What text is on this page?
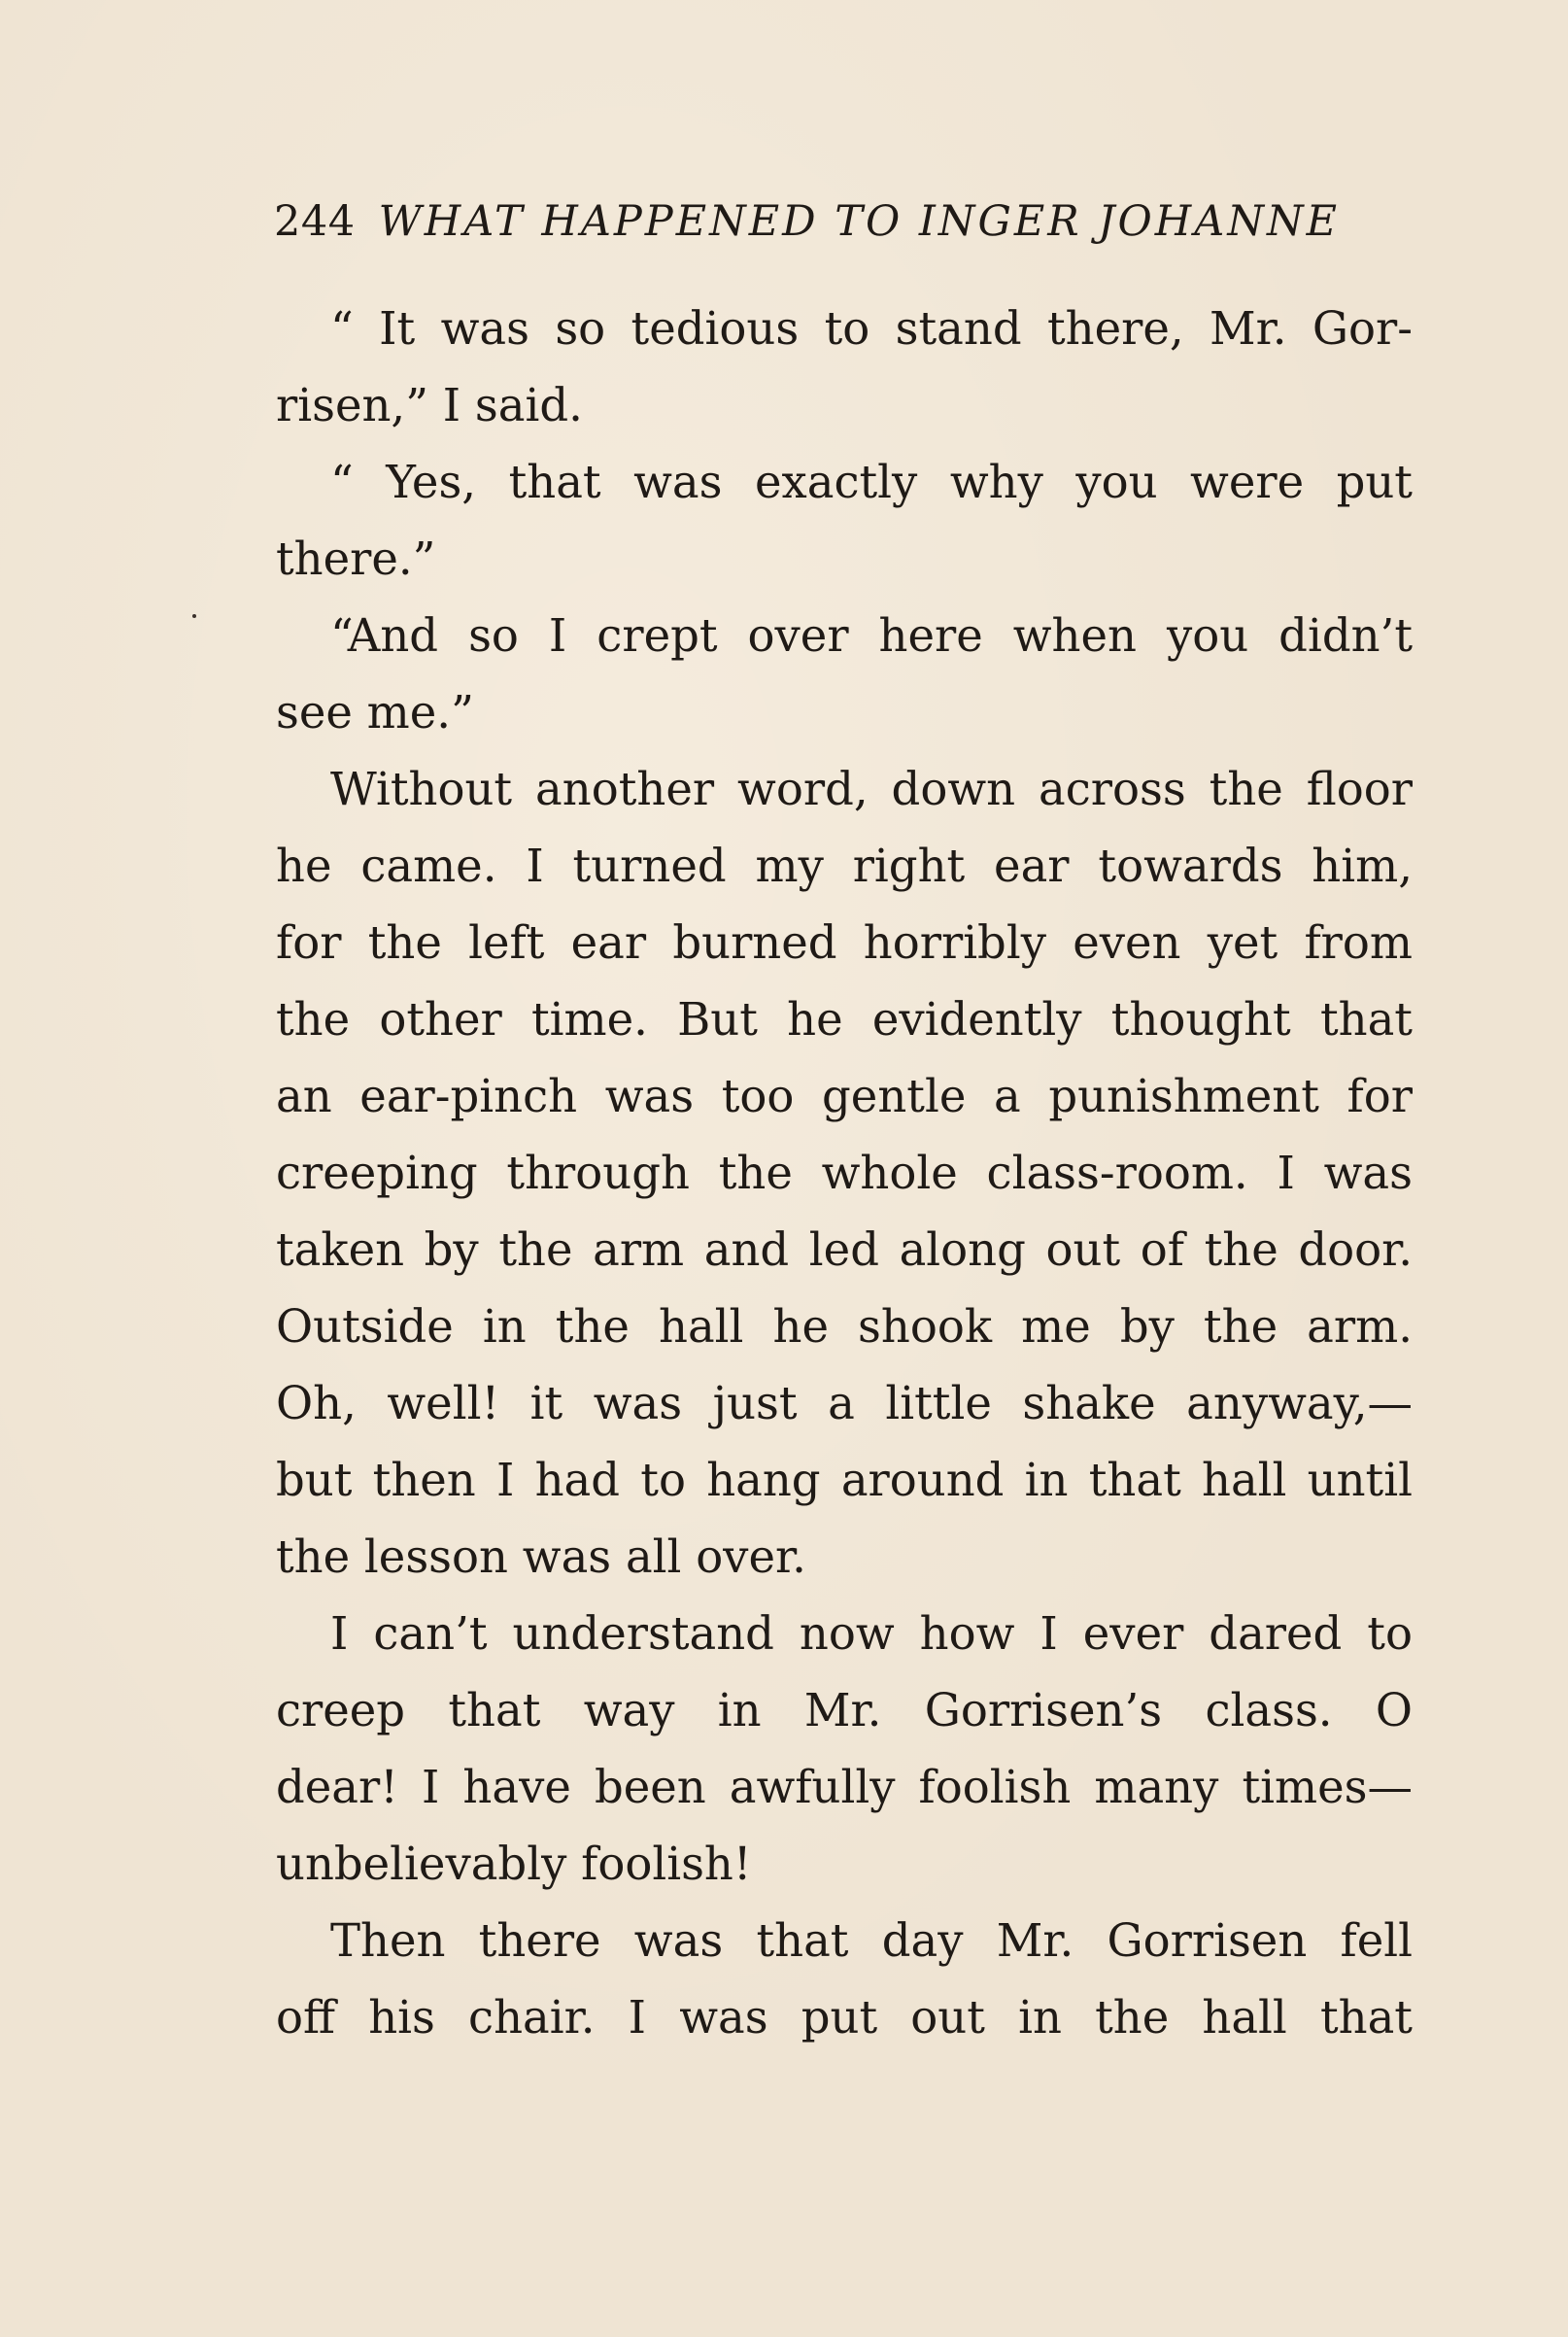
244 WHAT HAPPENED TO INGER JOHANNE
“ It was so tedious to stand there, Mr. Gor-
risen,” I said.
“ Yes, that was exactly why you were put
there.”
“And so I crept over here when you didn’t
see me.”
Without another word, down across the floor
he came. I turned my right ear towards him,
for the left ear burned horribly even yet from
the other time. But he evidently thought that
an ear-pinch was too gentle a punishment for
creeping through the whole class-room. I was
taken by the arm and led along out of the door.
Outside in the hall he shook me by the arm.
Oh, well! it was just a little shake anyway,—
but then I had to hang around in that hall until
the lesson was all over.
I can’t understand now how I ever dared to
creep that way in Mr. Gorrisen’s class. O
dear! I have been awfully foolish many times—
unbelievably foolish!
Then there was that day Mr. Gorrisen fell
off his chair. I was put out in the hall that
